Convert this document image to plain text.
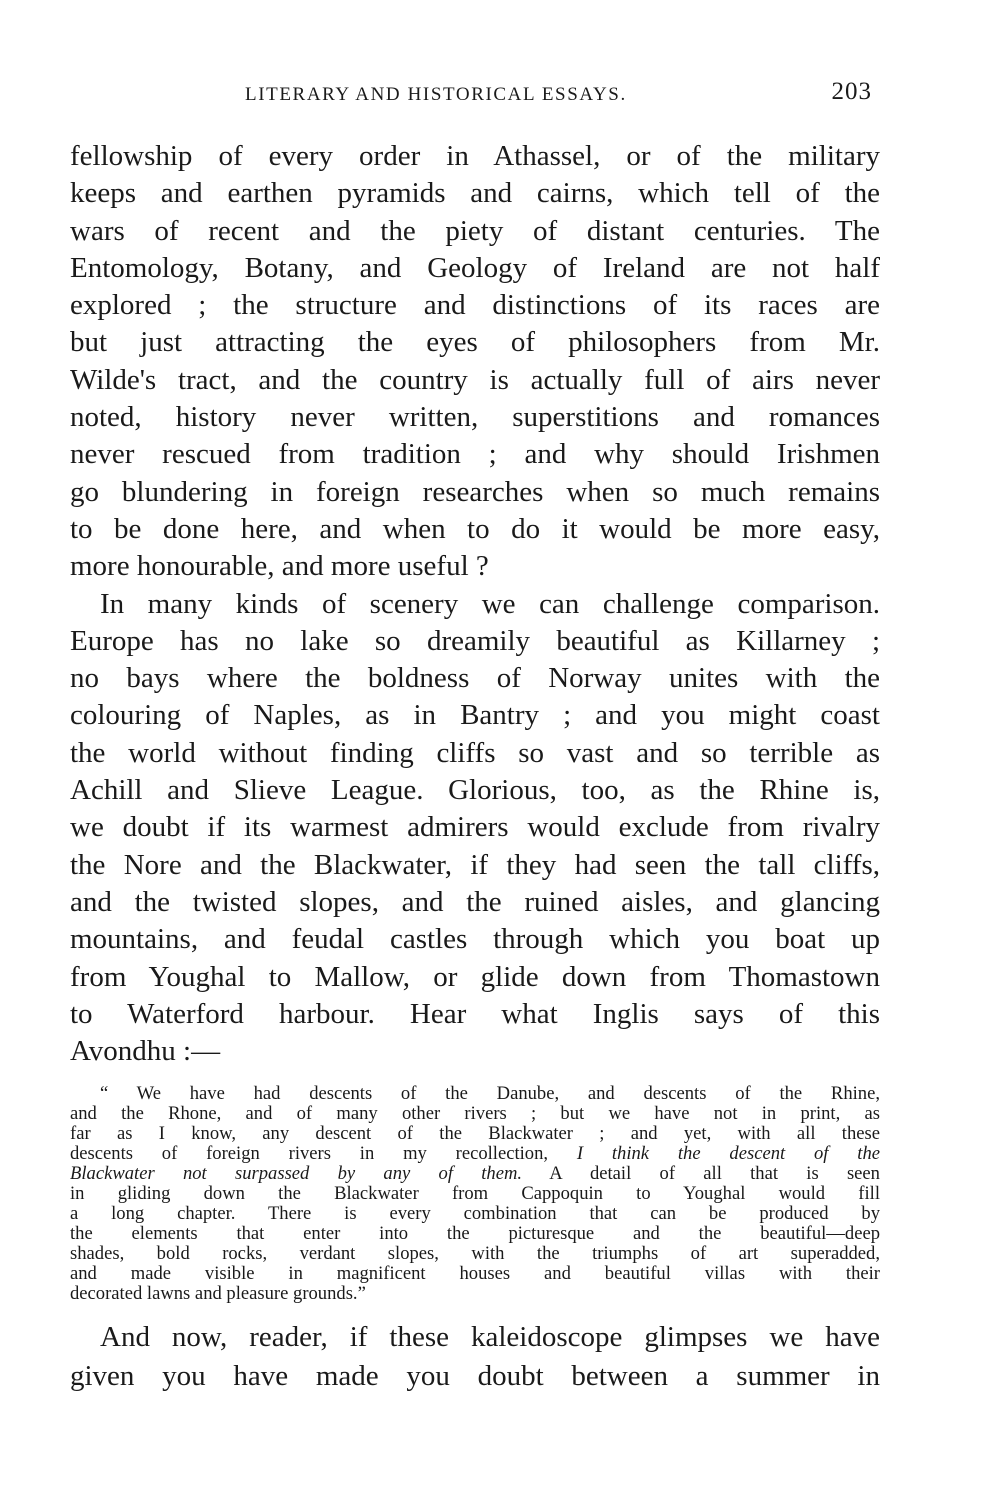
LITERARY AND HISTORICAL ESSAYS.	203
fellowship of every order in Athassel, or of the military
keeps and earthen pyramids and cairns, which tell of the
wars of recent and the piety of distant centuries. The
Entomology, Botany, and Geology of Ireland are not half
explored ; the structure and distinctions of its races are
but just attracting the eyes of philosophers from Mr.
Wilde's tract, and the country is actually full of airs never
noted, history never written, superstitions and romances
never rescued from tradition ; and why should Irishmen
go blundering in foreign researches when so much remains
to be done here, and when to do it would be more easy,
more honourable, and more useful ?
In many kinds of scenery we can challenge comparison.
Europe has no lake so dreamily beautiful as Killarney ;
no bays where the boldness of Norway unites with the
colouring of Naples, as in Bantry ; and you might coast
the world without finding cliffs so vast and so terrible as
Achill and Slieve League. Glorious, too, as the Rhine is,
we doubt if its warmest admirers would exclude from rivalry
the Nore and the Blackwater, if they had seen the tall cliffs,
and the twisted slopes, and the ruined aisles, and glancing
mountains, and feudal castles through which you boat up
from Youghal to Mallow, or glide down from Thomastown
to Waterford harbour. Hear what Inglis says of this
Avondhu :—
“ We have had descents of the Danube, and descents of the Rhine,
and the Rhone, and of many other rivers ; but we have not in print, as
far as I know, any descent of the Blackwater ; and yet, with all these
descents of foreign rivers in my recollection, I think the descent of the
Blackwater not surpassed by any of them. A detail of all that is seen
in gliding down the Blackwater from Cappoquin to Youghal would fill
a long chapter. There is every combination that can be produced by
the elements that enter into the picturesque and the beautiful—deep
shades, bold rocks, verdant slopes, with the triumphs of art superadded,
and made visible in magnificent houses and beautiful villas with their
decorated lawns and pleasure grounds.”
And now, reader, if these kaleidoscope glimpses we have
given you have made you doubt between a summer in
